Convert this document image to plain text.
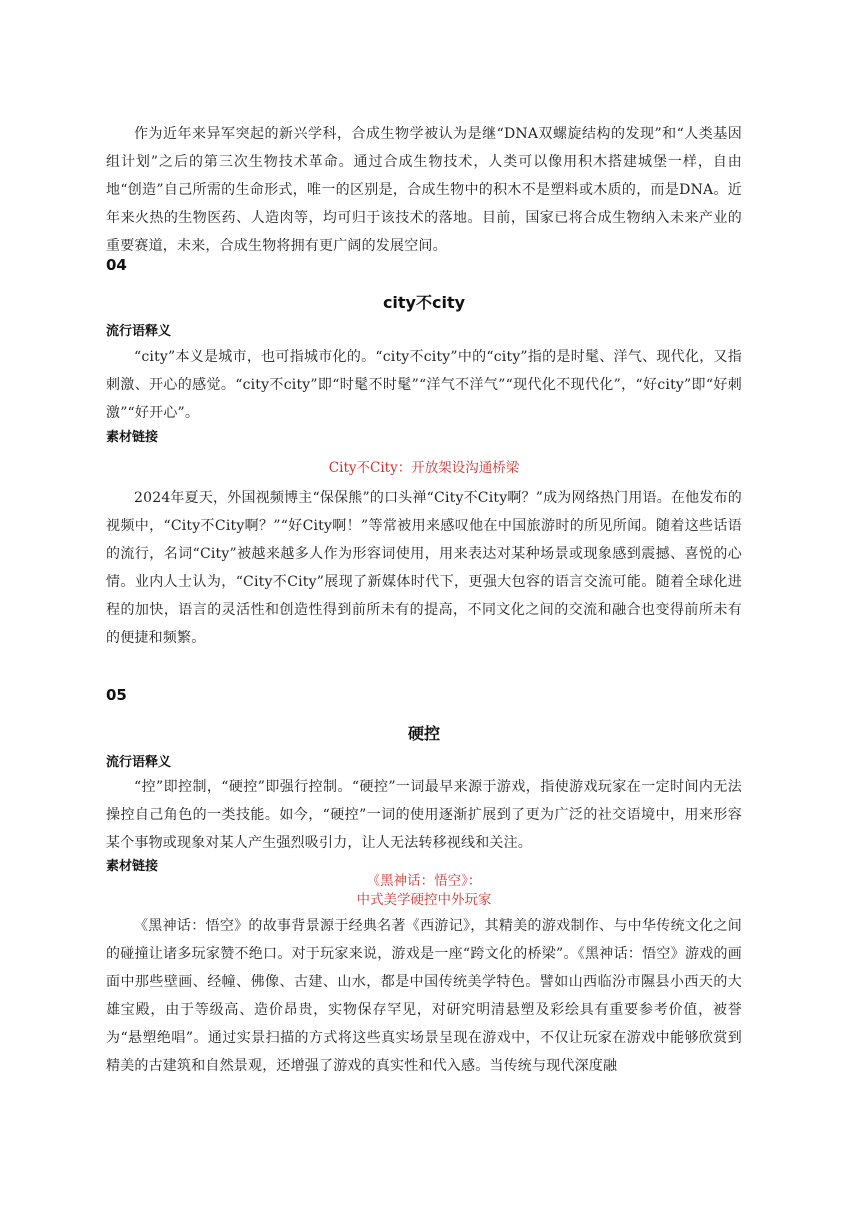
作为近年来异军突起的新兴学科，合成生物学被认为是继“DNA双螺旋结构的发现”和“人类基因组计划”之后的第三次生物技术革命。通过合成生物技术，人类可以像用积木搭建城堡一样，自由地“创造”自己所需的生命形式，唯一的区别是，合成生物中的积木不是塑料或木质的，而是DNA。近年来火热的生物医药、人造肉等，均可归于该技术的落地。目前，国家已将合成生物纳入未来产业的重要赛道，未来，合成生物将拥有更广阔的发展空间。

04
city不city
流行语释义

“city”本义是城市，也可指城市化的。“city不city”中的“city”指的是时髦、洋气、现代化，又指刺激、开心的感觉。“city不city”即“时髦不时髦”“洋气不洋气”“现代化不现代化”，“好city”即“好刺激”“好开心”。

素材链接
City不City：开放架设沟通桥梁

2024年夏天，外国视频博主“保保熊”的口头禅“City不City啊？”成为网络热门用语。在他发布的视频中，“City不City啊？”“好City啊！”等常被用来感叹他在中国旅游时的所见所闻。随着这些话语的流行，名词“City”被越来越多人作为形容词使用，用来表达对某种场景或现象感到震撼、喜悦的心情。业内人士认为，“City不City”展现了新媒体时代下，更强大包容的语言交流可能。随着全球化进程的加快，语言的灵活性和创造性得到前所未有的提高，不同文化之间的交流和融合也变得前所未有的便捷和频繁。

05
硬控
流行语释义

“控”即控制，“硬控”即强行控制。“硬控”一词最早来源于游戏，指使游戏玩家在一定时间内无法操控自己角色的一类技能。如今，“硬控”一词的使用逐渐扩展到了更为广泛的社交语境中，用来形容某个事物或现象对某人产生强烈吸引力，让人无法转移视线和关注。

素材链接
《黑神话：悟空》：
中式美学硬控中外玩家

《黑神话：悟空》的故事背景源于经典名著《西游记》，其精美的游戏制作、与中华传统文化之间的碰撞让诸多玩家赞不绝口。对于玩家来说，游戏是一座“跨文化的桥梁”。《黑神话：悟空》游戏的画面中那些壁画、经幢、佛像、古建、山水，都是中国传统美学特色。譬如山西临汾市隰县小西天的大雄宝殿，由于等级高、造价昂贵，实物保存罕见，对研究明清悬塑及彩绘具有重要参考价值，被誉为“悬塑绝唱”。通过实景扫描的方式将这些真实场景呈现在游戏中，不仅让玩家在游戏中能够欣赏到精美的古建筑和自然景观，还增强了游戏的真实性和代入感。当传统与现代深度融
